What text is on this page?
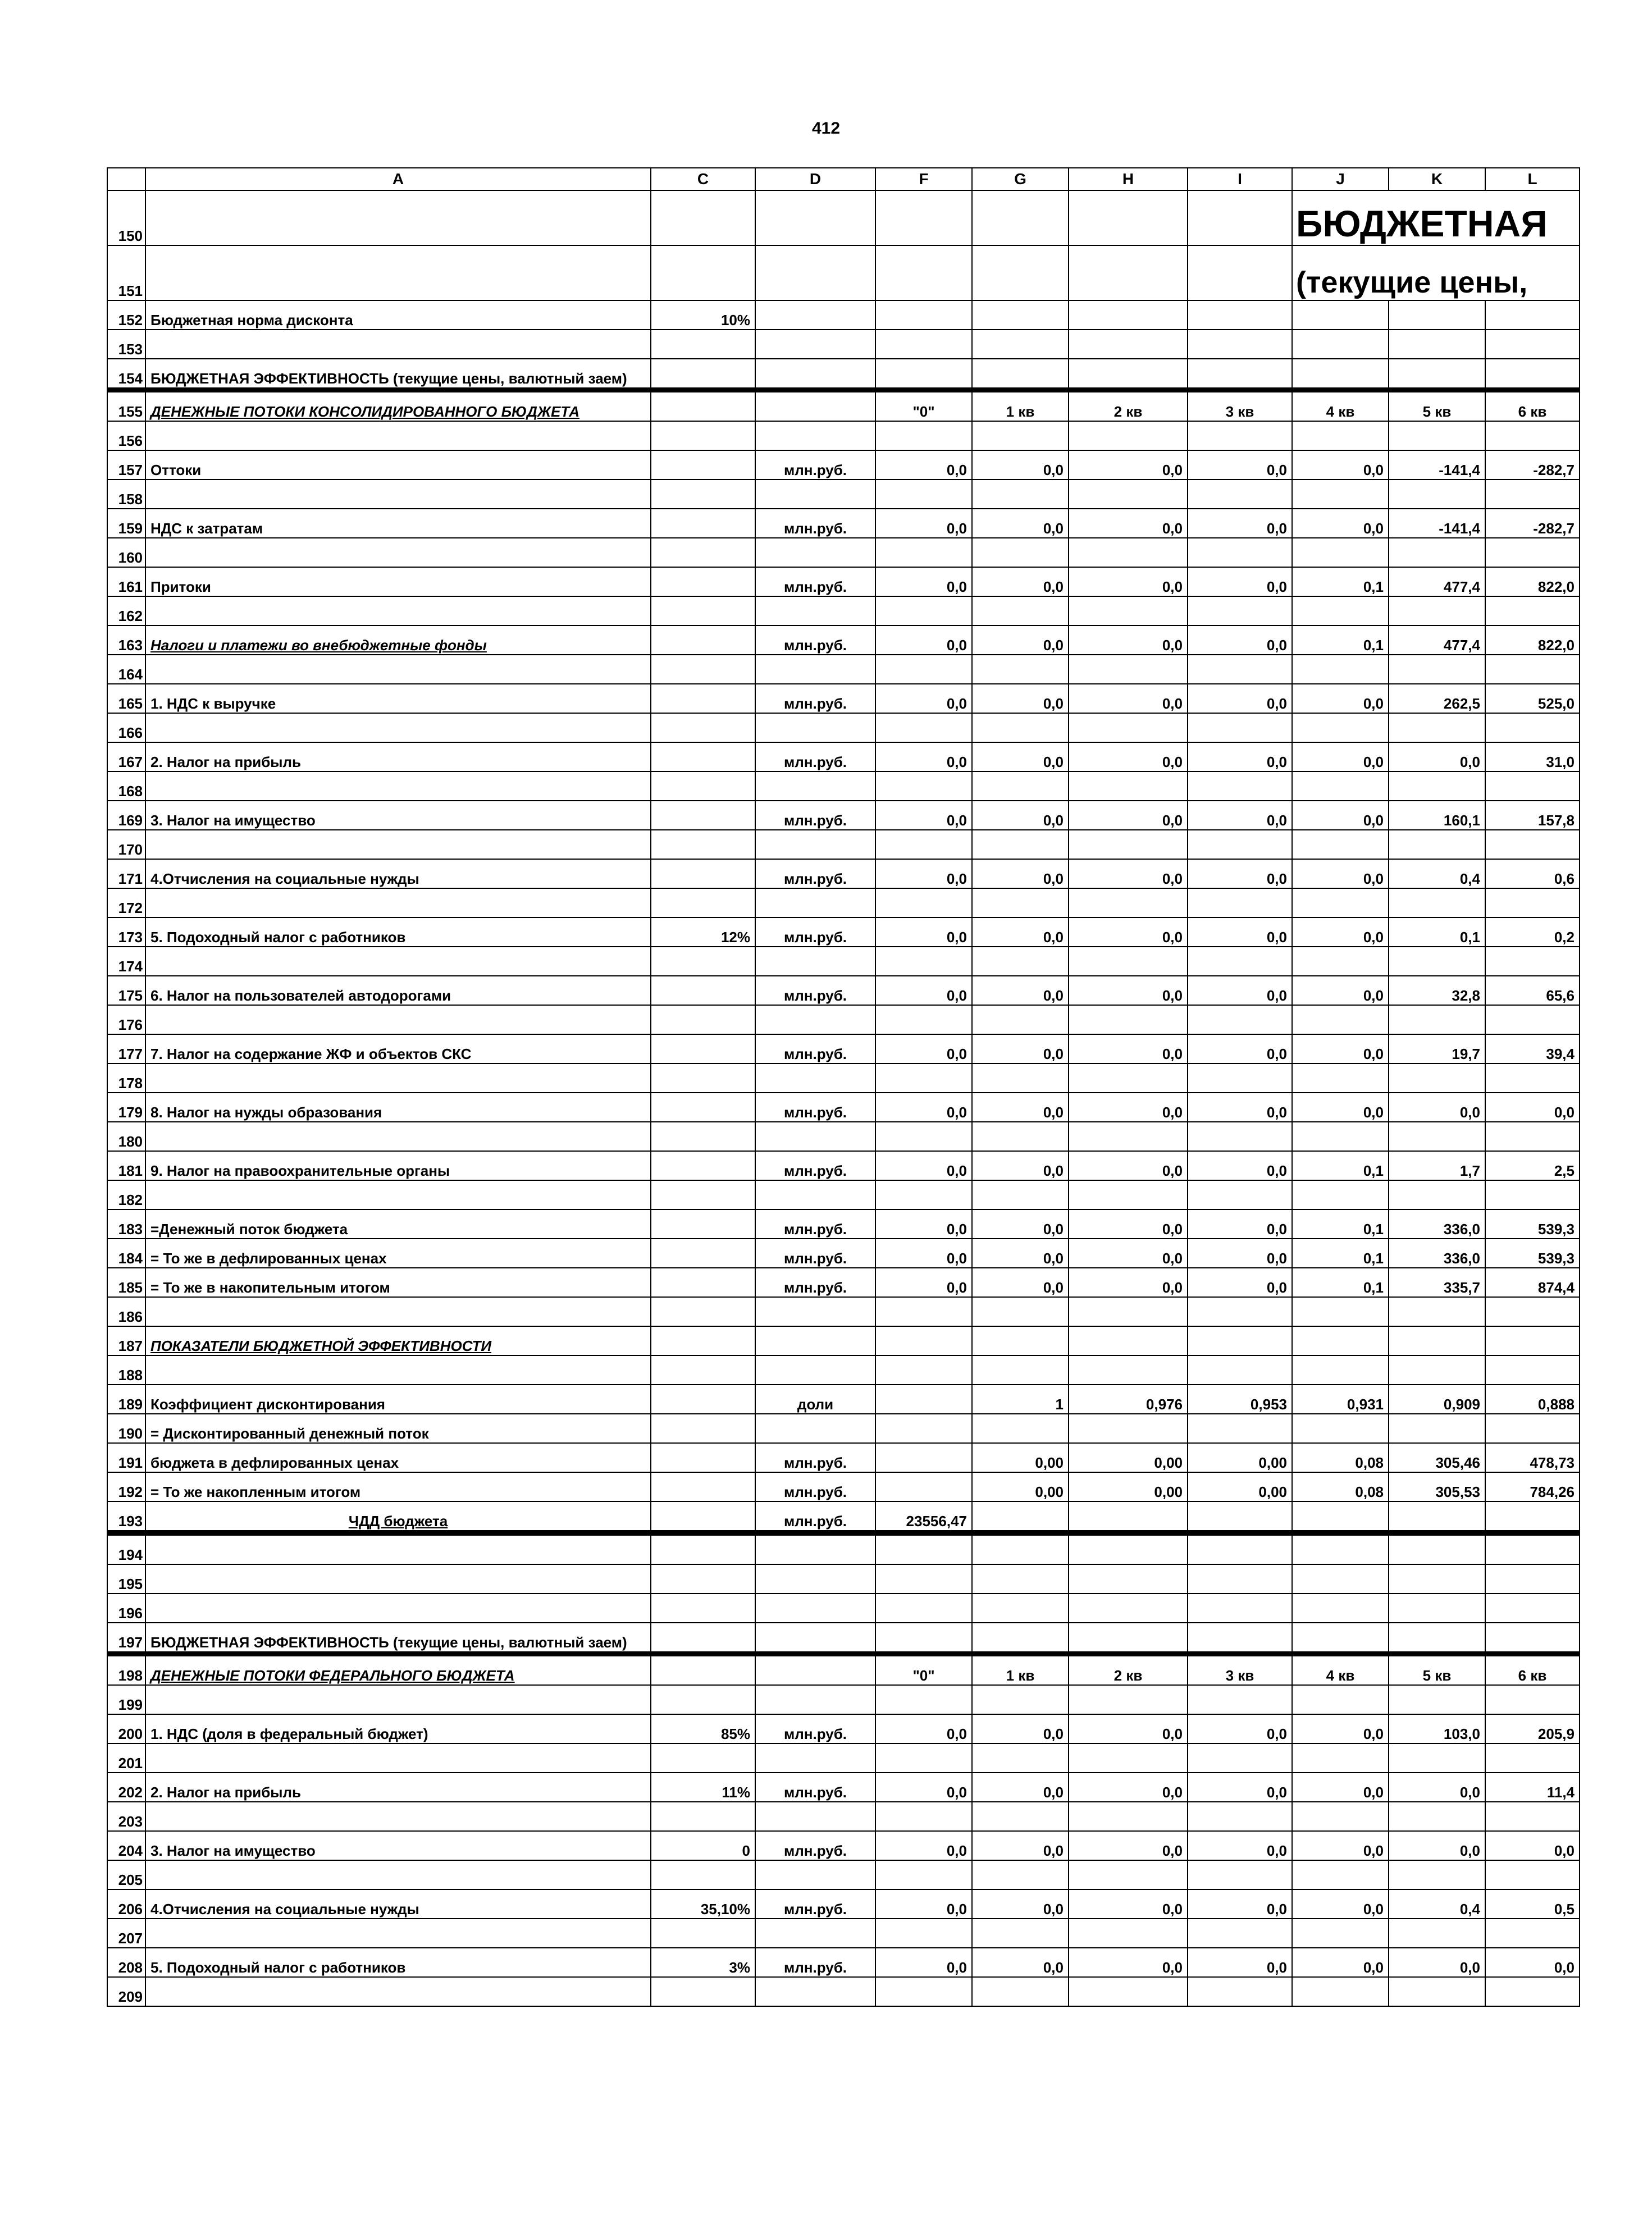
412
	A	C	D	F	G	H	I	J	K	L
150								БЮДЖЕТНАЯ		
151								(текущие цены,		
152	Бюджетная норма дисконта	10%								
153										
154	БЮДЖЕТНАЯ ЭФФЕКТИВНОСТЬ (текущие цены, валютный заем)									
155	ДЕНЕЖНЫЕ ПОТОКИ КОНСОЛИДИРОВАННОГО БЮДЖЕТА			"0"	1 кв	2 кв	3 кв	4 кв	5 кв	6 кв
156										
157	Оттоки		млн.руб.	0,0	0,0	0,0	0,0	0,0	-141,4	-282,7
158										
159	НДС к затратам		млн.руб.	0,0	0,0	0,0	0,0	0,0	-141,4	-282,7
160										
161	Притоки		млн.руб.	0,0	0,0	0,0	0,0	0,1	477,4	822,0
162										
163	Налоги и платежи во внебюджетные фонды		млн.руб.	0,0	0,0	0,0	0,0	0,1	477,4	822,0
164										
165	1. НДС к выручке		млн.руб.	0,0	0,0	0,0	0,0	0,0	262,5	525,0
166										
167	2. Налог на прибыль		млн.руб.	0,0	0,0	0,0	0,0	0,0	0,0	31,0
168										
169	3. Налог на имущество		млн.руб.	0,0	0,0	0,0	0,0	0,0	160,1	157,8
170										
171	4.Отчисления на социальные нужды		млн.руб.	0,0	0,0	0,0	0,0	0,0	0,4	0,6
172										
173	5. Подоходный налог с работников	12%	млн.руб.	0,0	0,0	0,0	0,0	0,0	0,1	0,2
174										
175	6. Налог на пользователей автодорогами		млн.руб.	0,0	0,0	0,0	0,0	0,0	32,8	65,6
176										
177	7. Налог на содержание ЖФ и объектов СКС		млн.руб.	0,0	0,0	0,0	0,0	0,0	19,7	39,4
178										
179	8. Налог на нужды образования		млн.руб.	0,0	0,0	0,0	0,0	0,0	0,0	0,0
180										
181	9. Налог на правоохранительные органы		млн.руб.	0,0	0,0	0,0	0,0	0,1	1,7	2,5
182										
183	=Денежный поток бюджета		млн.руб.	0,0	0,0	0,0	0,0	0,1	336,0	539,3
184	= То же в дефлированных ценах		млн.руб.	0,0	0,0	0,0	0,0	0,1	336,0	539,3
185	= То же в накопительным итогом		млн.руб.	0,0	0,0	0,0	0,0	0,1	335,7	874,4
186										
187	ПОКАЗАТЕЛИ БЮДЖЕТНОЙ ЭФФЕКТИВНОСТИ									
188										
189	Коэффициент дисконтирования		доли		1	0,976	0,953	0,931	0,909	0,888
190	= Дисконтированный денежный поток									
191	бюджета в дефлированных ценах		млн.руб.		0,00	0,00	0,00	0,08	305,46	478,73
192	= То же накопленным итогом		млн.руб.		0,00	0,00	0,00	0,08	305,53	784,26
193	ЧДД бюджета		млн.руб.	23556,47						
194										
195										
196										
197	БЮДЖЕТНАЯ ЭФФЕКТИВНОСТЬ (текущие цены, валютный заем)									
198	ДЕНЕЖНЫЕ ПОТОКИ ФЕДЕРАЛЬНОГО БЮДЖЕТА			"0"	1 кв	2 кв	3 кв	4 кв	5 кв	6 кв
199										
200	1. НДС (доля в федеральный бюджет)	85%	млн.руб.	0,0	0,0	0,0	0,0	0,0	103,0	205,9
201										
202	2. Налог на прибыль	11%	млн.руб.	0,0	0,0	0,0	0,0	0,0	0,0	11,4
203										
204	3. Налог на имущество	0	млн.руб.	0,0	0,0	0,0	0,0	0,0	0,0	0,0
205										
206	4.Отчисления на социальные нужды	35,10%	млн.руб.	0,0	0,0	0,0	0,0	0,0	0,4	0,5
207										
208	5. Подоходный налог с работников	3%	млн.руб.	0,0	0,0	0,0	0,0	0,0	0,0	0,0
209										
